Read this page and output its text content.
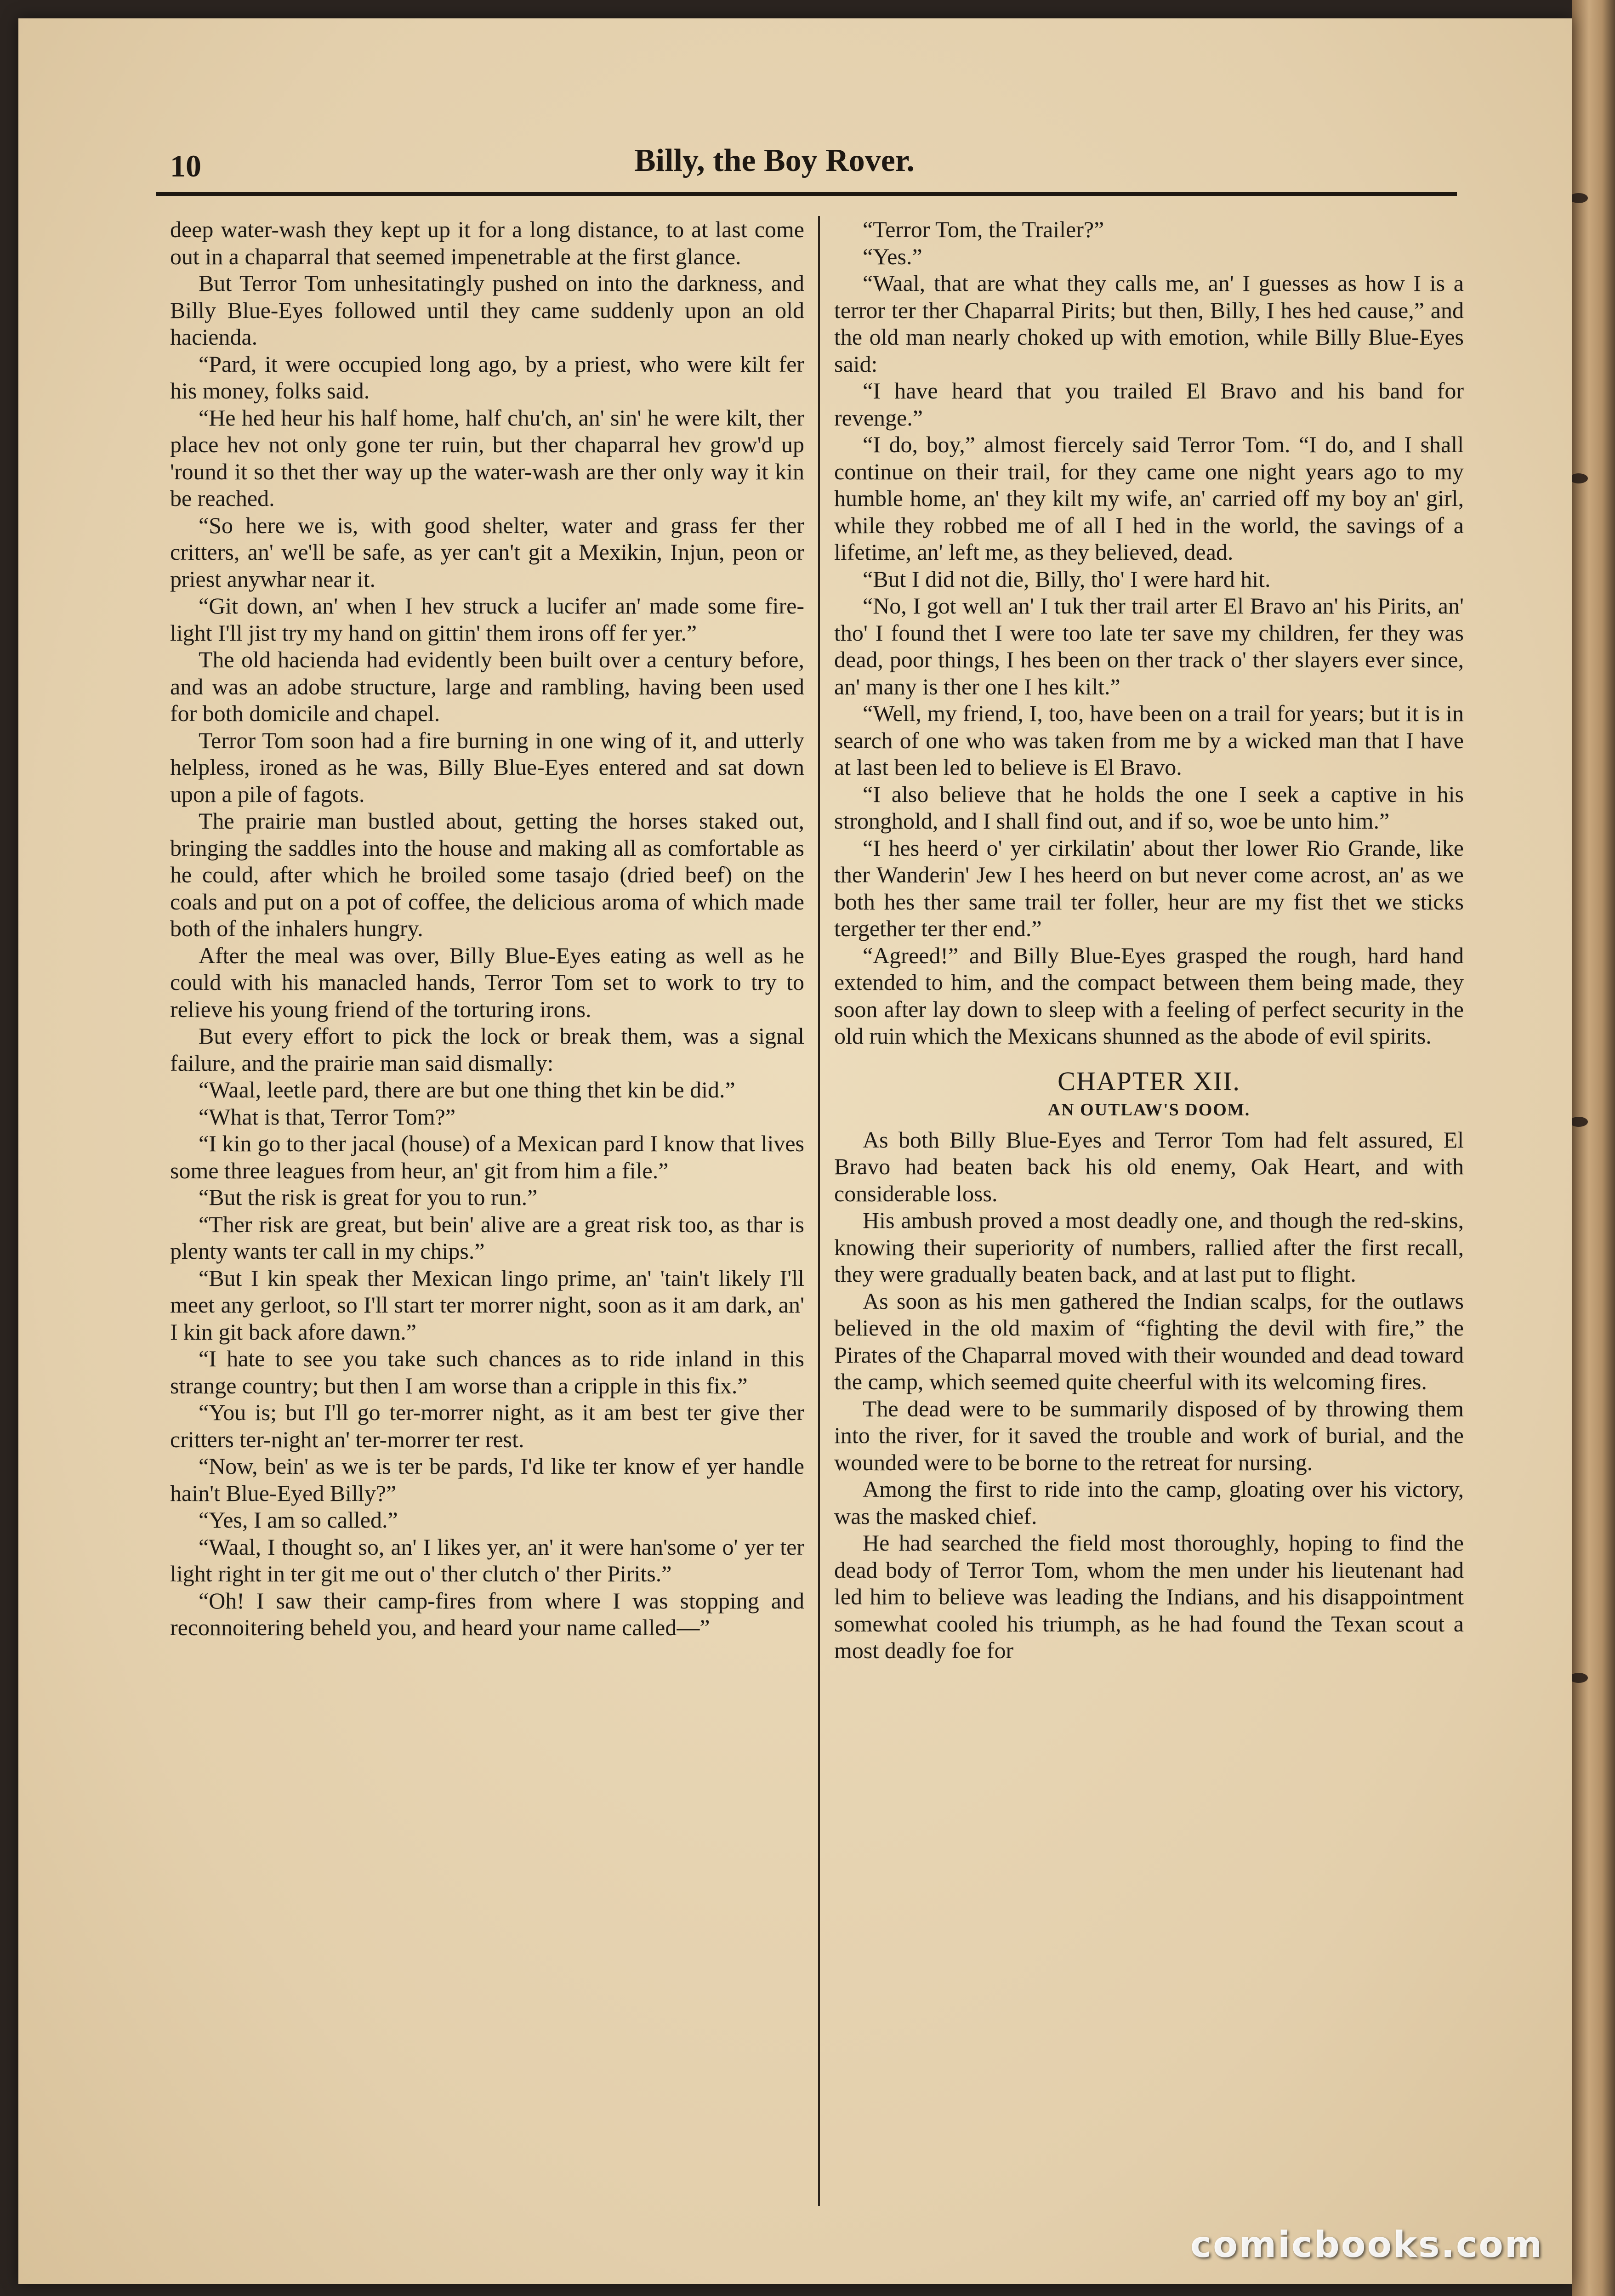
10	Billy, the Boy Rover.

deep water-wash they kept up it for a long distance, to at last come out in a chaparral that seemed impenetrable at the first glance.

But Terror Tom unhesitatingly pushed on into the darkness, and Billy Blue-Eyes followed until they came suddenly upon an old hacienda.

“Pard, it were occupied long ago, by a priest, who were kilt fer his money, folks said.

“He hed heur his half home, half chu'ch, an' sin' he were kilt, ther place hev not only gone ter ruin, but ther chaparral hev grow'd up 'round it so thet ther way up the water-wash are ther only way it kin be reached.

“So here we is, with good shelter, water and grass fer ther critters, an' we'll be safe, as yer can't git a Mexikin, Injun, peon or priest anywhar near it.

“Git down, an' when I hev struck a lucifer an' made some fire-light I'll jist try my hand on gittin' them irons off fer yer.”

The old hacienda had evidently been built over a century before, and was an adobe structure, large and rambling, having been used for both domicile and chapel.

Terror Tom soon had a fire burning in one wing of it, and utterly helpless, ironed as he was, Billy Blue-Eyes entered and sat down upon a pile of fagots.

The prairie man bustled about, getting the horses staked out, bringing the saddles into the house and making all as comfortable as he could, after which he broiled some tasajo (dried beef) on the coals and put on a pot of coffee, the delicious aroma of which made both of the inhalers hungry.

After the meal was over, Billy Blue-Eyes eating as well as he could with his manacled hands, Terror Tom set to work to try to relieve his young friend of the torturing irons.

But every effort to pick the lock or break them, was a signal failure, and the prairie man said dismally:

“Waal, leetle pard, there are but one thing thet kin be did.”

“What is that, Terror Tom?”

“I kin go to ther jacal (house) of a Mexican pard I know that lives some three leagues from heur, an' git from him a file.”

“But the risk is great for you to run.”

“Ther risk are great, but bein' alive are a great risk too, as thar is plenty wants ter call in my chips.”

“But I kin speak ther Mexican lingo prime, an' 'tain't likely I'll meet any gerloot, so I'll start ter morrer night, soon as it am dark, an' I kin git back afore dawn.”

“I hate to see you take such chances as to ride inland in this strange country; but then I am worse than a cripple in this fix.”

“You is; but I'll go ter-morrer night, as it am best ter give ther critters ter-night an' ter-morrer ter rest.

“Now, bein' as we is ter be pards, I'd like ter know ef yer handle hain't Blue-Eyed Billy?”

“Yes, I am so called.”

“Waal, I thought so, an' I likes yer, an' it were han'some o' yer ter light right in ter git me out o' ther clutch o' ther Pirits.”

“Oh! I saw their camp-fires from where I was stopping and reconnoitering beheld you, and heard your name called—”

“Terror Tom, the Trailer?”

“Yes.”

“Waal, that are what they calls me, an' I guesses as how I is a terror ter ther Chaparral Pirits; but then, Billy, I hes hed cause,” and the old man nearly choked up with emotion, while Billy Blue-Eyes said:

“I have heard that you trailed El Bravo and his band for revenge.”

“I do, boy,” almost fiercely said Terror Tom. “I do, and I shall continue on their trail, for they came one night years ago to my humble home, an' they kilt my wife, an' carried off my boy an' girl, while they robbed me of all I hed in the world, the savings of a lifetime, an' left me, as they believed, dead.

“But I did not die, Billy, tho' I were hard hit.

“No, I got well an' I tuk ther trail arter El Bravo an' his Pirits, an' tho' I found thet I were too late ter save my children, fer they was dead, poor things, I hes been on ther track o' ther slayers ever since, an' many is ther one I hes kilt.”

“Well, my friend, I, too, have been on a trail for years; but it is in search of one who was taken from me by a wicked man that I have at last been led to believe is El Bravo.

“I also believe that he holds the one I seek a captive in his stronghold, and I shall find out, and if so, woe be unto him.”

“I hes heerd o' yer cirkilatin' about ther lower Rio Grande, like ther Wanderin' Jew I hes heerd on but never come acrost, an' as we both hes ther same trail ter foller, heur are my fist thet we sticks tergether ter ther end.”

“Agreed!” and Billy Blue-Eyes grasped the rough, hard hand extended to him, and the compact between them being made, they soon after lay down to sleep with a feeling of perfect security in the old ruin which the Mexicans shunned as the abode of evil spirits.

CHAPTER XII.
AN OUTLAW'S DOOM.

As both Billy Blue-Eyes and Terror Tom had felt assured, El Bravo had beaten back his old enemy, Oak Heart, and with considerable loss.

His ambush proved a most deadly one, and though the red-skins, knowing their superiority of numbers, rallied after the first recall, they were gradually beaten back, and at last put to flight.

As soon as his men gathered the Indian scalps, for the outlaws believed in the old maxim of “fighting the devil with fire,” the Pirates of the Chaparral moved with their wounded and dead toward the camp, which seemed quite cheerful with its welcoming fires.

The dead were to be summarily disposed of by throwing them into the river, for it saved the trouble and work of burial, and the wounded were to be borne to the retreat for nursing.

Among the first to ride into the camp, gloating over his victory, was the masked chief.

He had searched the field most thoroughly, hoping to find the dead body of Terror Tom, whom the men under his lieutenant had led him to believe was leading the Indians, and his disappointment somewhat cooled his triumph, as he had found the Texan scout a most deadly foe for

comicbooks.com
